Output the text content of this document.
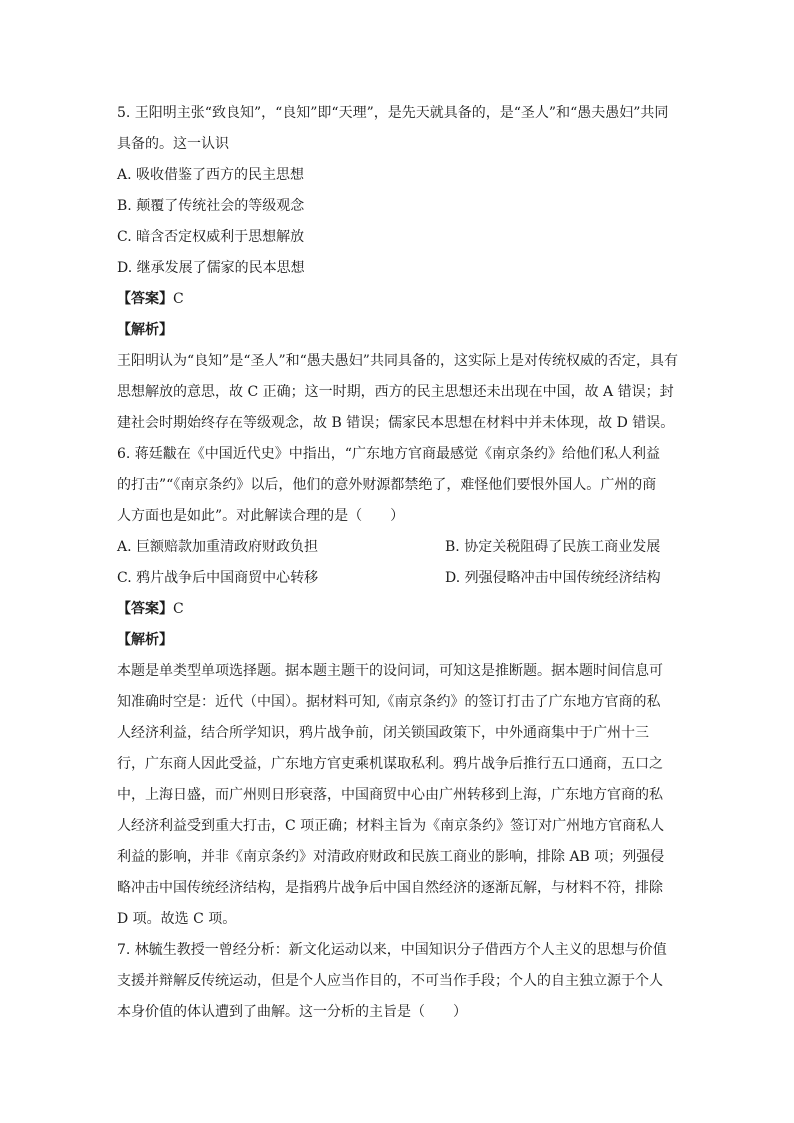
5. 王阳明主张“致良知”，“良知”即“天理”，是先天就具备的，是“圣人”和“愚夫愚妇”共同
具备的。这一认识
A. 吸收借鉴了西方的民主思想
B. 颠覆了传统社会的等级观念
C. 暗含否定权威利于思想解放
D. 继承发展了儒家的民本思想
【答案】C
【解析】
王阳明认为“良知”是“圣人”和“愚夫愚妇”共同具备的，这实际上是对传统权威的否定，具有
思想解放的意思，故 C 正确；这一时期，西方的民主思想还未出现在中国，故 A 错误；封
建社会时期始终存在等级观念，故 B 错误；儒家民本思想在材料中并未体现，故 D 错误。
6. 蒋廷黻在《中国近代史》中指出，“广东地方官商最感觉《南京条约》给他们私人利益
的打击”“《南京条约》以后，他们的意外财源都禁绝了，难怪他们要恨外国人。广州的商
人方面也是如此”。对此解读合理的是（　　）
A. 巨额赔款加重清政府财政负担	B. 协定关税阻碍了民族工商业发展
C. 鸦片战争后中国商贸中心转移	D. 列强侵略冲击中国传统经济结构
【答案】C
【解析】
本题是单类型单项选择题。据本题主题干的设问词，可知这是推断题。据本题时间信息可
知准确时空是：近代（中国）。据材料可知,《南京条约》的签订打击了广东地方官商的私
人经济利益，结合所学知识，鸦片战争前，闭关锁国政策下，中外通商集中于广州十三
行，广东商人因此受益，广东地方官吏乘机谋取私利。鸦片战争后推行五口通商，五口之
中，上海日盛，而广州则日形衰落，中国商贸中心由广州转移到上海，广东地方官商的私
人经济利益受到重大打击，C 项正确；材料主旨为《南京条约》签订对广州地方官商私人
利益的影响，并非《南京条约》对清政府财政和民族工商业的影响，排除 AB 项；列强侵
略冲击中国传统经济结构，是指鸦片战争后中国自然经济的逐渐瓦解，与材料不符，排除
D 项。故选 C 项。
7. 林毓生教授一曾经分析：新文化运动以来，中国知识分子借西方个人主义的思想与价值
支援并辩解反传统运动，但是个人应当作目的，不可当作手段；个人的自主独立源于个人
本身价值的体认遭到了曲解。这一分析的主旨是（　　）
